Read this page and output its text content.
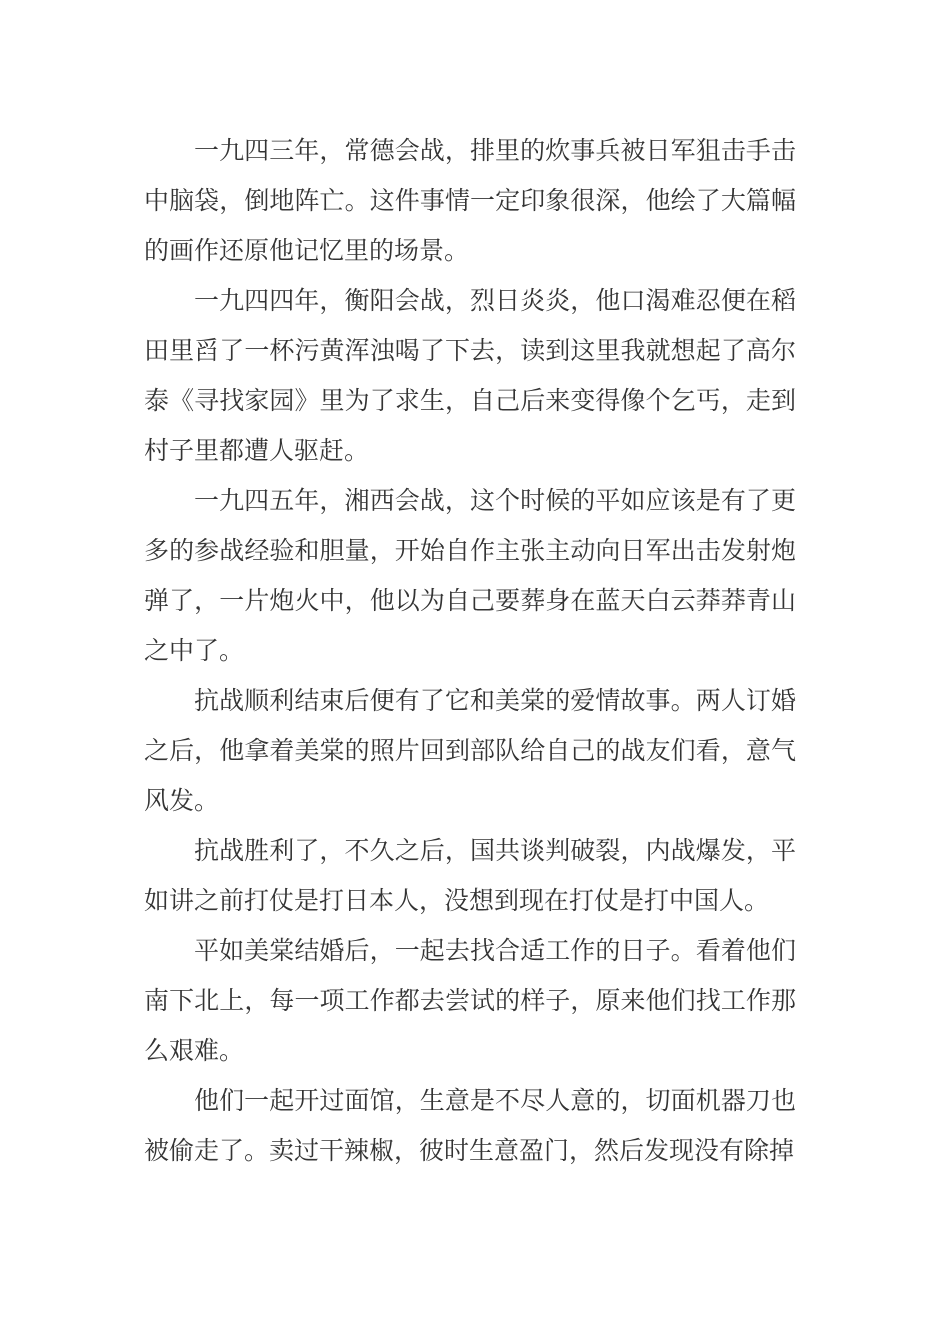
一九四三年，常德会战，排里的炊事兵被日军狙击手击中脑袋，倒地阵亡。这件事情一定印象很深，他绘了大篇幅的画作还原他记忆里的场景。

一九四四年，衡阳会战，烈日炎炎，他口渴难忍便在稻田里舀了一杯污黄浑浊喝了下去，读到这里我就想起了高尔泰《寻找家园》里为了求生，自己后来变得像个乞丐，走到村子里都遭人驱赶。

一九四五年，湘西会战，这个时候的平如应该是有了更多的参战经验和胆量，开始自作主张主动向日军出击发射炮弹了，一片炮火中，他以为自己要葬身在蓝天白云莽莽青山之中了。

抗战顺利结束后便有了它和美棠的爱情故事。两人订婚之后，他拿着美棠的照片回到部队给自己的战友们看，意气风发。

抗战胜利了，不久之后，国共谈判破裂，内战爆发，平如讲之前打仗是打日本人，没想到现在打仗是打中国人。

平如美棠结婚后，一起去找合适工作的日子。看着他们南下北上，每一项工作都去尝试的样子，原来他们找工作那么艰难。

他们一起开过面馆，生意是不尽人意的，切面机器刀也被偷走了。卖过干辣椒，彼时生意盈门，然后发现没有除掉
